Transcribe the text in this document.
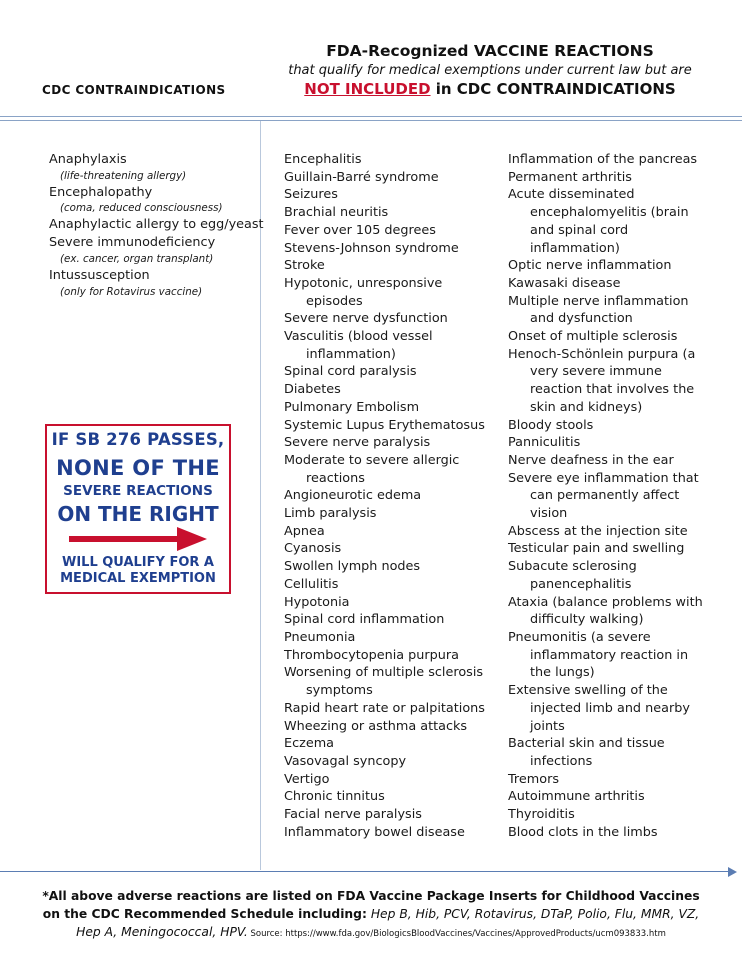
CDC CONTRAINDICATIONS
FDA-Recognized VACCINE REACTIONS
that qualify for medical exemptions under current law but are
NOT INCLUDED in CDC CONTRAINDICATIONS
Anaphylaxis
(life-threatening allergy)
Encephalopathy
(coma, reduced consciousness)
Anaphylactic allergy to egg/yeast
Severe immunodeficiency
(ex. cancer, organ transplant)
Intussusception
(only for Rotavirus vaccine)
Encephalitis
Guillain-Barré syndrome
Seizures
Brachial neuritis
Fever over 105 degrees
Stevens-Johnson syndrome
Stroke
Hypotonic, unresponsive
episodes
Severe nerve dysfunction
Vasculitis (blood vessel
inflammation)
Spinal cord paralysis
Diabetes
Pulmonary Embolism
Systemic Lupus Erythematosus
Severe nerve paralysis
Moderate to severe allergic
reactions
Angioneurotic edema
Limb paralysis
Apnea
Cyanosis
Swollen lymph nodes
Cellulitis
Hypotonia
Spinal cord inflammation
Pneumonia
Thrombocytopenia purpura
Worsening of multiple sclerosis
symptoms
Rapid heart rate or palpitations
Wheezing or asthma attacks
Eczema
Vasovagal syncopy
Vertigo
Chronic tinnitus
Facial nerve paralysis
Inflammatory bowel disease
Inflammation of the pancreas
Permanent arthritis
Acute disseminated
encephalomyelitis (brain
and spinal cord
inflammation)
Optic nerve inflammation
Kawasaki disease
Multiple nerve inflammation
and dysfunction
Onset of multiple sclerosis
Henoch-Schönlein purpura (a
very severe immune
reaction that involves the
skin and kidneys)
Bloody stools
Panniculitis
Nerve deafness in the ear
Severe eye inflammation that
can permanently affect
vision
Abscess at the injection site
Testicular pain and swelling
Subacute sclerosing
panencephalitis
Ataxia (balance problems with
difficulty walking)
Pneumonitis (a severe
inflammatory reaction in
the lungs)
Extensive swelling of the
injected limb and nearby
joints
Bacterial skin and tissue
infections
Tremors
Autoimmune arthritis
Thyroiditis
Blood clots in the limbs
IF SB 276 PASSES,
NONE OF THE
SEVERE REACTIONS
ON THE RIGHT
WILL QUALIFY FOR A
MEDICAL EXEMPTION
*All above adverse reactions are listed on FDA Vaccine Package Inserts for Childhood Vaccines on the CDC Recommended Schedule including: Hep B, Hib, PCV, Rotavirus, DTaP, Polio, Flu, MMR, VZ, Hep A, Meningococcal, HPV. Source: https://www.fda.gov/BiologicsBloodVaccines/Vaccines/ApprovedProducts/ucm093833.htm
